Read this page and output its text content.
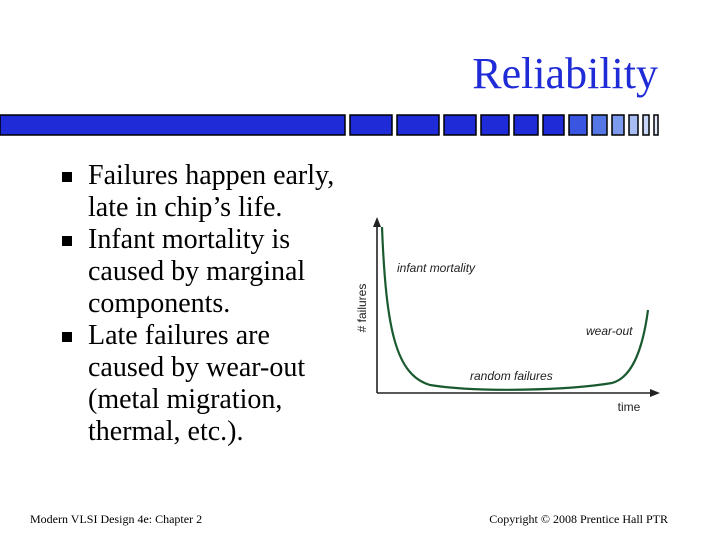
Reliability
Failures happen early, late in chip’s life.
Infant mortality is caused by marginal components.
Late failures are caused by wear-out (metal migration, thermal, etc.).
# failures
time
infant mortality
wear-out
random failures
Modern VLSI Design 4e: Chapter 2	Copyright © 2008 Prentice Hall PTR
